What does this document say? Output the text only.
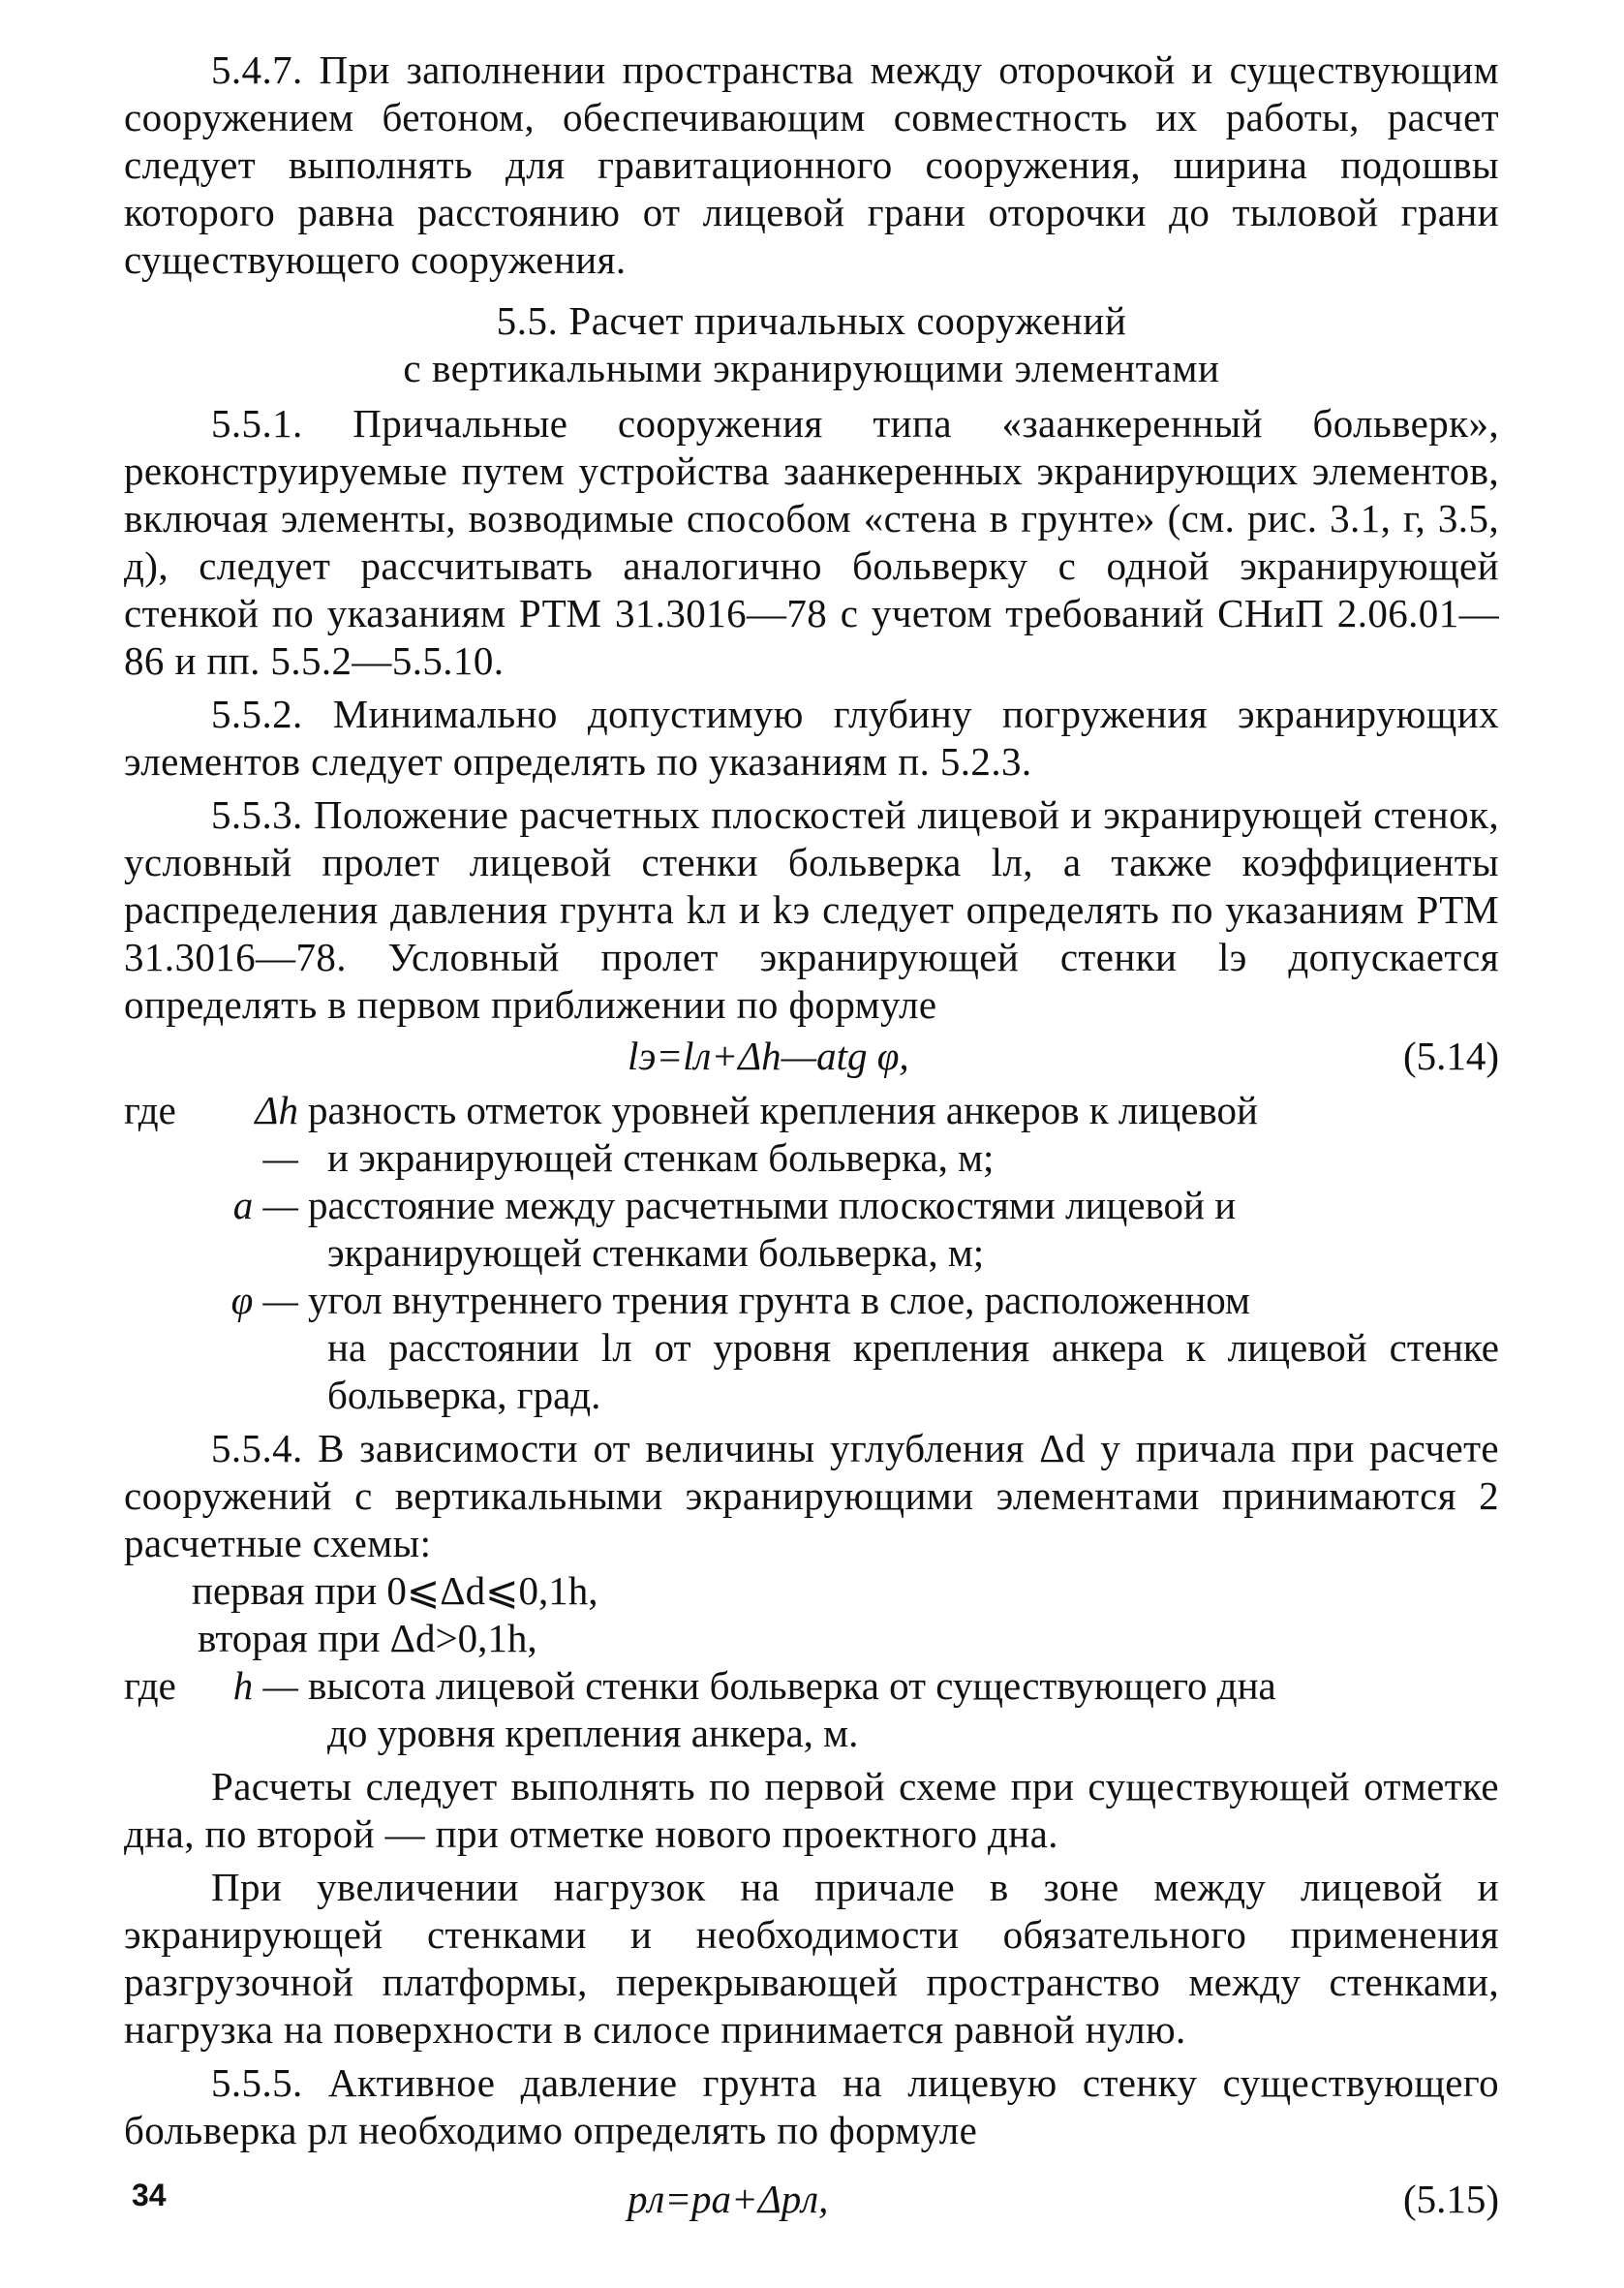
5.4.7. При заполнении пространства между оторочкой и существующим сооружением бетоном, обеспечивающим совместность их работы, расчет следует выполнять для гравитационного сооружения, ширина подошвы которого равна расстоянию от лицевой грани оторочки до тыловой грани существующего сооружения.

5.5. Расчет причальных сооружений
с вертикальными экранирующими элементами

5.5.1. Причальные сооружения типа «заанкеренный больверк», реконструируемые путем устройства заанкеренных экранирующих элементов, включая элементы, возводимые способом «стена в грунте» (см. рис. 3.1, г, 3.5, д), следует рассчитывать аналогично больверку с одной экранирующей стенкой по указаниям РТМ 31.3016—78 с учетом требований СНиП 2.06.01—86 и пп. 5.5.2—5.5.10.

5.5.2. Минимально допустимую глубину погружения экранирующих элементов следует определять по указаниям п. 5.2.3.

5.5.3. Положение расчетных плоскостей лицевой и экранирующей стенок, условный пролет лицевой стенки больверка lл, а также коэффициенты распределения давления грунта kл и kэ следует определять по указаниям РТМ 31.3016—78. Условный пролет экранирующей стенки lэ допускается определять в первом приближении по формуле

lэ=lл+Δh—atg φ,	(5.14)
где	Δh —
разность отметок уровней крепления анкеров к лицевой
и экранирующей стенкам больверка, м;
a — расстояние между расчетными плоскостями лицевой и
экранирующей стенками больверка, м;
φ — угол внутреннего трения грунта в слое, расположенном
на расстоянии lл от уровня крепления анкера к лицевой стенке больверка, град.

5.5.4. В зависимости от величины углубления Δd у причала при расчете сооружений с вертикальными экранирующими элементами принимаются 2 расчетные схемы:

первая при 0⩽Δd⩽0,1h,
вторая при Δd>0,1h,
где	h — высота лицевой стенки больверка от существующего дна
до уровня крепления анкера, м.

Расчеты следует выполнять по первой схеме при существующей отметке дна, по второй — при отметке нового проектного дна.

При увеличении нагрузок на причале в зоне между лицевой и экранирующей стенками и необходимости обязательного применения разгрузочной платформы, перекрывающей пространство между стенками, нагрузка на поверхности в силосе принимается равной нулю.

5.5.5. Активное давление грунта на лицевую стенку существующего больверка pл необходимо определять по формуле

pл=pа+Δpл,	(5.15)
34
